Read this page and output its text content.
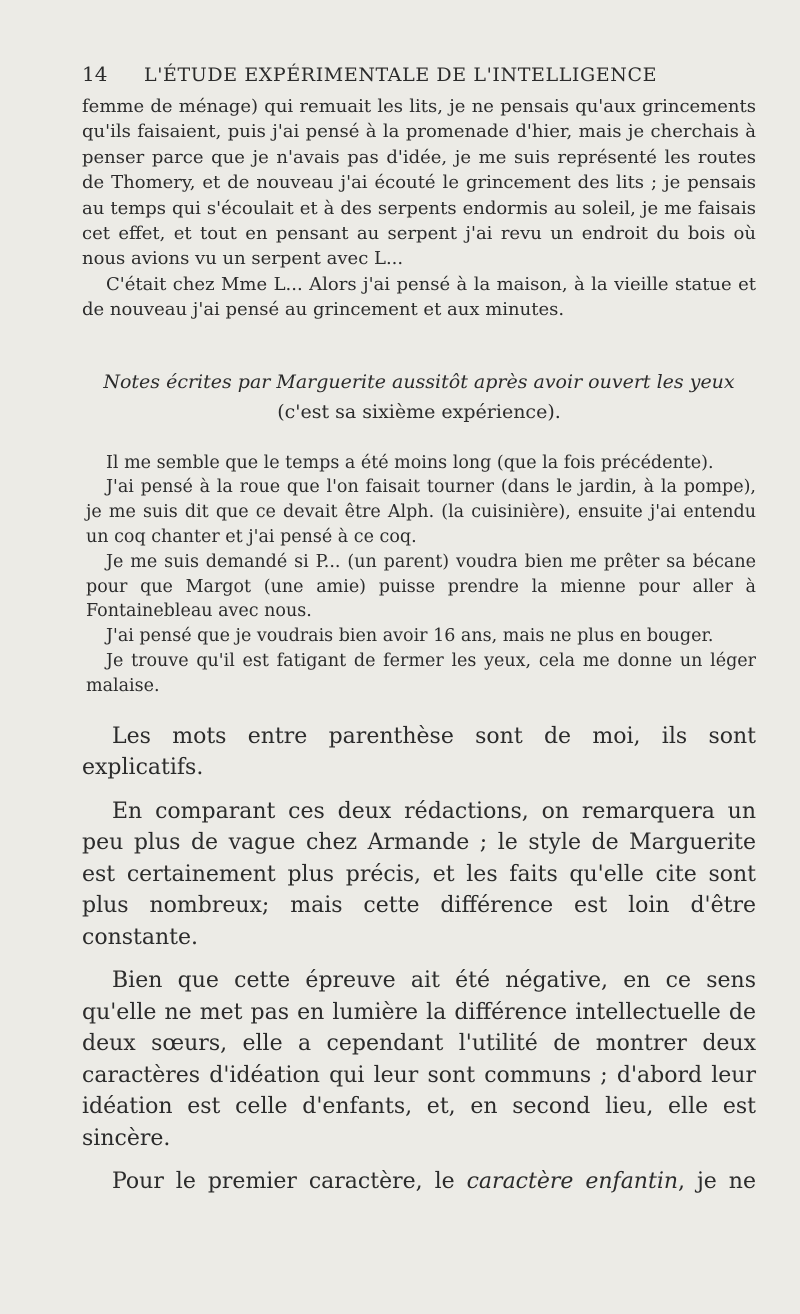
14	L'ÉTUDE EXPÉRIMENTALE DE L'INTELLIGENCE

femme de ménage) qui remuait les lits, je ne pensais qu'aux grincements qu'ils faisaient, puis j'ai pensé à la promenade d'hier, mais je cherchais à penser parce que je n'avais pas d'idée, je me suis représenté les routes de Thomery, et de nouveau j'ai écouté le grincement des lits ; je pensais au temps qui s'écoulait et à des serpents endormis au soleil, je me faisais cet effet, et tout en pensant au serpent j'ai revu un endroit du bois où nous avions vu un serpent avec L...

C'était chez Mme L... Alors j'ai pensé à la maison, à la vieille statue et de nouveau j'ai pensé au grincement et aux minutes.

Notes écrites par Marguerite aussitôt après avoir ouvert les yeux (c'est sa sixième expérience).

Il me semble que le temps a été moins long (que la fois précédente).

J'ai pensé à la roue que l'on faisait tourner (dans le jardin, à la pompe), je me suis dit que ce devait être Alph. (la cuisinière), ensuite j'ai entendu un coq chanter et j'ai pensé à ce coq.

Je me suis demandé si P... (un parent) voudra bien me prêter sa bécane pour que Margot (une amie) puisse prendre la mienne pour aller à Fontainebleau avec nous.

J'ai pensé que je voudrais bien avoir 16 ans, mais ne plus en bouger.

Je trouve qu'il est fatigant de fermer les yeux, cela me donne un léger malaise.

Les mots entre parenthèse sont de moi, ils sont explicatifs.

En comparant ces deux rédactions, on remarquera un peu plus de vague chez Armande ; le style de Marguerite est certainement plus précis, et les faits qu'elle cite sont plus nombreux; mais cette différence est loin d'être constante.

Bien que cette épreuve ait été négative, en ce sens qu'elle ne met pas en lumière la différence intellectuelle de deux sœurs, elle a cependant l'utilité de montrer deux caractères d'idéation qui leur sont communs ; d'abord leur idéation est celle d'enfants, et, en second lieu, elle est sincère.

Pour le premier caractère, le caractère enfantin, je ne
